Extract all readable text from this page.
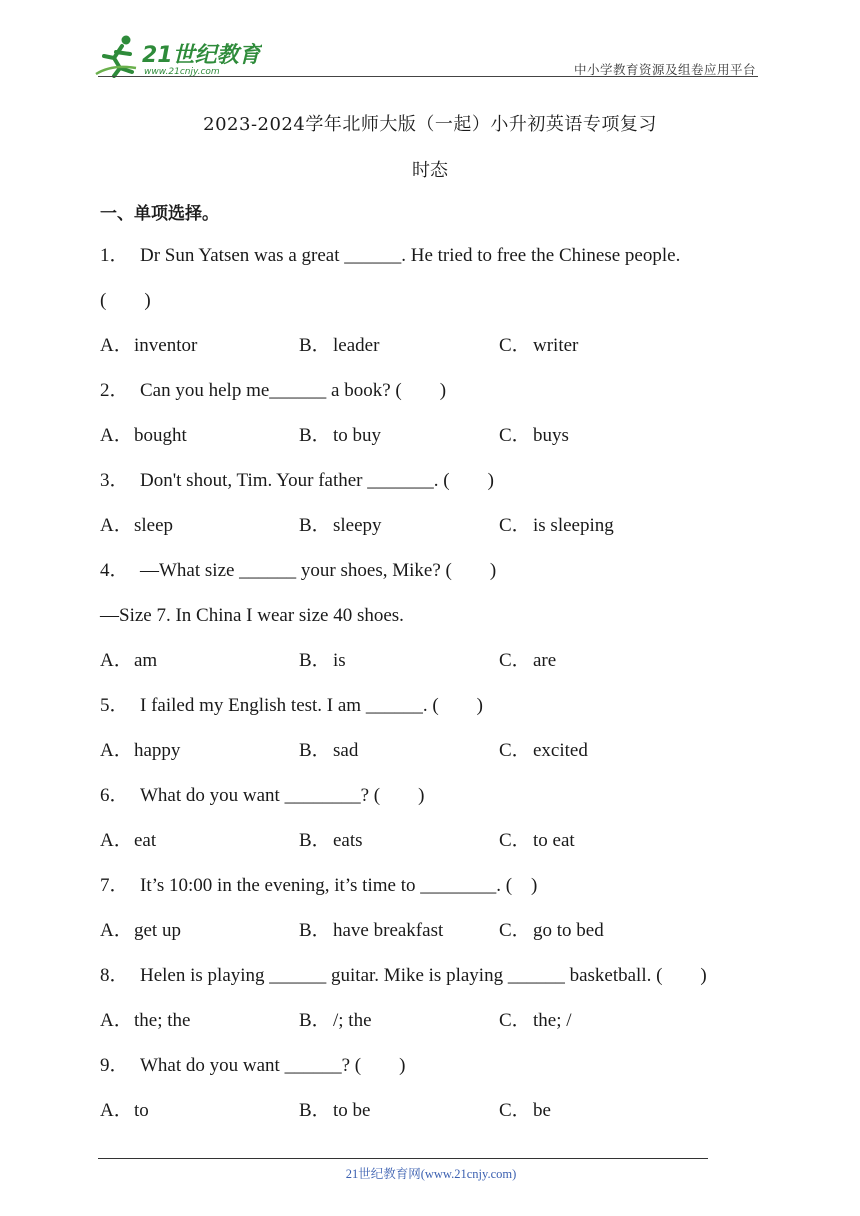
21世纪教育
www.21cnjy.com	中小学教育资源及组卷应用平台
2023-2024学年北师大版（一起）小升初英语专项复习
时态
一、单项选择。
1． Dr Sun Yatsen was a great ______. He tried to free the Chinese people.
(　　)
A．inventor	B． leader	C． writer
2． Can you help me______ a book? (　　)
A．bought	B． to buy	C． buys
3． Don't shout, Tim. Your father _______. (　　)
A．sleep	B． sleepy	C． is sleeping
4． —What size ______ your shoes, Mike? (　　)
—Size 7. In China I wear size 40 shoes.
A．am	B． is	C． are
5． I failed my English test. I am ______. (　　)
A．happy	B． sad	C． excited
6． What do you want ________? (　　)
A．eat	B． eats	C． to eat
7． It’s 10:00 in the evening, it’s time to ________. (　)
A．get up	B． have breakfast	C． go to bed
8． Helen is playing ______ guitar. Mike is playing ______ basketball. (　　)
A．the; the	B． /; the	C． the; /
9． What do you want ______? (　　)
A．to	B． to be	C． be
21世纪教育网(www.21cnjy.com)
